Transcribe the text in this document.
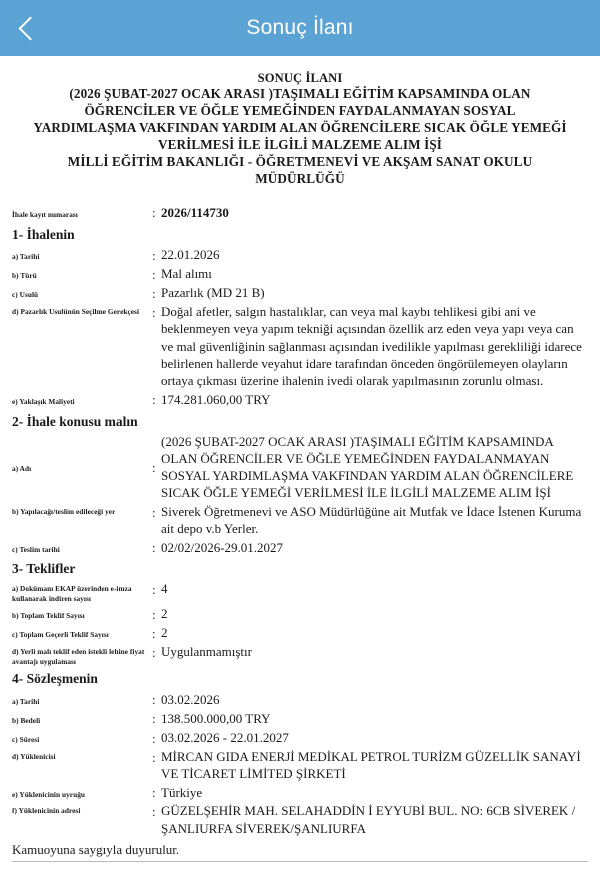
Sonuç İlanı
SONUÇ İLANI
(2026 ŞUBAT-2027 OCAK ARASI )TAŞIMALI EĞİTİM KAPSAMINDA OLAN
ÖĞRENCİLER VE ÖĞLE YEMEĞİNDEN FAYDALANMAYAN SOSYAL
YARDIMLAŞMA VAKFINDAN YARDIM ALAN ÖĞRENCİLERE SICAK ÖĞLE YEMEĞİ
VERİLMESİ İLE İLGİLİ MALZEME ALIM İŞİ
MİLLİ EĞİTİM BAKANLIĞI - ÖĞRETMENEVİ VE AKŞAM SANAT OKULU
MÜDÜRLÜĞÜ
İhale kayıt numarası	: 2026/114730
1- İhalenin
a) Tarihi	: 22.01.2026
b) Türü	: Mal alımı
c) Usulü	: Pazarlık (MD 21 B)
d) Pazarlık Usulünün Seçilme Gerekçesi : Doğal afetler, salgın hastalıklar, can veya mal kaybı tehlikesi gibi ani ve beklenmeyen veya yapım tekniği açısından özellik arz eden veya yapı veya can ve mal güvenliğinin sağlanması açısından ivedilikle yapılması gerekliliği idarece belirlenen hallerde veyahut idare tarafından önceden öngörülemeyen olayların ortaya çıkması üzerine ihalenin ivedi olarak yapılmasının zorunlu olması.
e) Yaklaşık Maliyeti	: 174.281.060,00 TRY
2- İhale konusu malın
a) Adı	:
(2026 ŞUBAT-2027 OCAK ARASI )TAŞIMALI EĞİTİM KAPSAMINDA OLAN ÖĞRENCİLER VE ÖĞLE YEMEĞİNDEN FAYDALANMAYAN SOSYAL YARDIMLAŞMA VAKFINDAN YARDIM ALAN ÖĞRENCİLERE SICAK ÖĞLE YEMEĞİ VERİLMESİ İLE İLGİLİ MALZEME ALIM İŞİ
b) Yapılacağı/teslim edileceği yer	: Siverek Öğretmenevi ve ASO Müdürlüğüne ait Mutfak ve İdace İstenen Kuruma ait depo v.b Yerler.
c) Teslim tarihi	: 02/02/2026-29.01.2027
3- Teklifler
a) Dokümanı EKAP üzerinden e-imza kullanarak indiren sayısı
: 4
b) Toplam Teklif Sayısı	: 2
c) Toplam Geçerli Teklif Sayısı	: 2
d) Yerli malı teklif eden istekli lehine fiyat avantajı uygulaması
: Uygulanmamıştır
4- Sözleşmenin
a) Tarihi	: 03.02.2026
b) Bedeli	: 138.500.000,00 TRY
c) Süresi	: 03.02.2026 - 22.01.2027
d) Yüklenicisi	: MİRCAN GIDA ENERJİ MEDİKAL PETROL TURİZM GÜZELLİK SANAYİ VE TİCARET LİMİTED ŞİRKETİ
e) Yüklenicinin uyruğu	: Türkiye
f) Yüklenicinin adresi	: GÜZELŞEHİR MAH. SELAHADDİN İ EYYUBİ BUL. NO: 6CB SİVEREK / ŞANLIURFA SİVEREK/ŞANLIURFA
Kamuoyuna saygıyla duyurulur.
